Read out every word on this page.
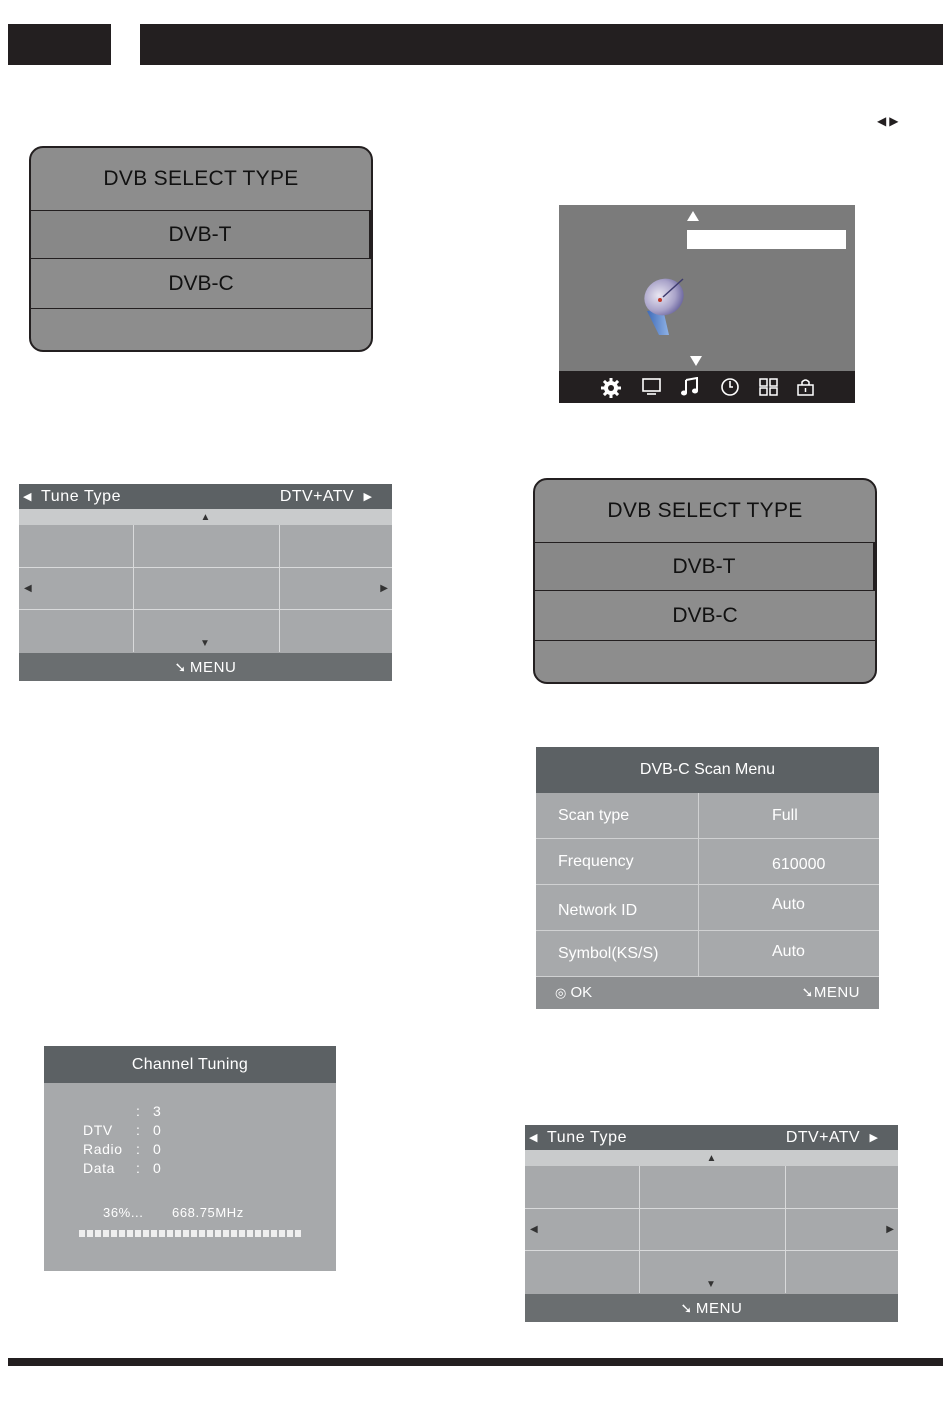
◀▶
DVB SELECT TYPE
DVB-T
DVB-C
◀ Tune Type	DTV+ATV ▶
▲
◀	▶
▼
➘ MENU
DVB SELECT TYPE
DVB-T
DVB-C
DVB-C Scan Menu
Scan type	Full
Frequency	610000
Network ID	Auto
Symbol(KS/S)	Auto
◎ OK	➘MENU
Channel Tuning
: 3
DTV : 0
Radio : 0
Data : 0
36%... 668.75MHz
◀ Tune Type	DTV+ATV ▶
▲
◀	▶
▼
➘ MENU
